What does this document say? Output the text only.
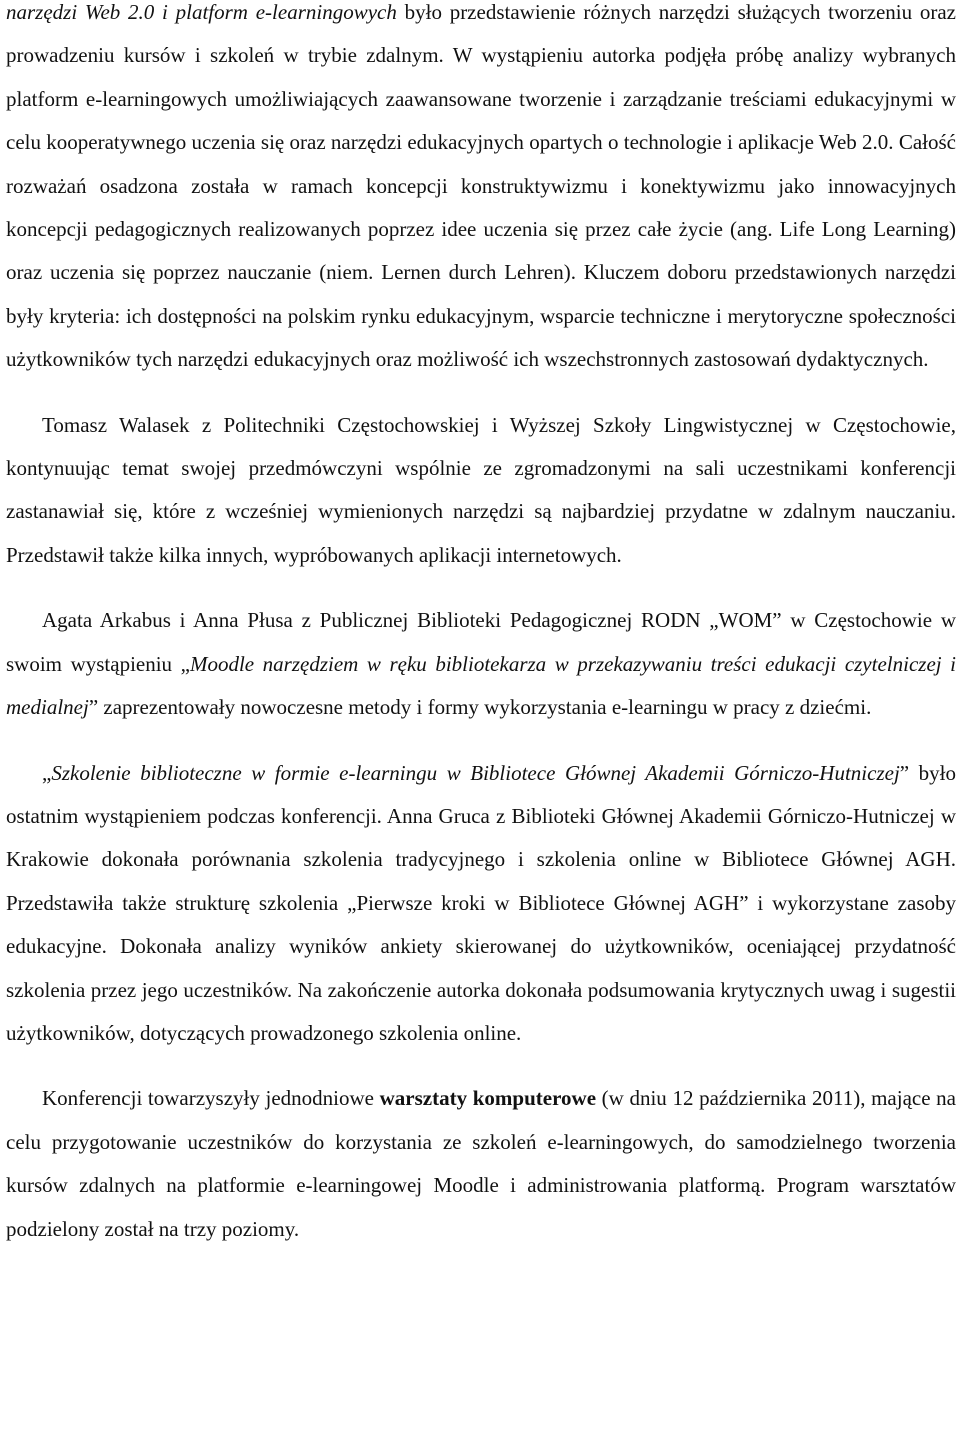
narzędzi Web 2.0 i platform e-learningowych było przedstawienie różnych narzędzi służących tworzeniu oraz prowadzeniu kursów i szkoleń w trybie zdalnym. W wystąpieniu autorka podjęła próbę analizy wybranych platform e-learningowych umożliwiających zaawansowane tworzenie i zarządzanie treściami edukacyjnymi w celu kooperatywnego uczenia się oraz narzędzi edukacyjnych opartych o technologie i aplikacje Web 2.0. Całość rozważań osadzona została w ramach koncepcji konstruktywizmu i konektywizmu jako innowacyjnych koncepcji pedagogicznych realizowanych poprzez idee uczenia się przez całe życie (ang. Life Long Learning) oraz uczenia się poprzez nauczanie (niem. Lernen durch Lehren). Kluczem doboru przedstawionych narzędzi były kryteria: ich dostępności na polskim rynku edukacyjnym, wsparcie techniczne i merytoryczne społeczności użytkowników tych narzędzi edukacyjnych oraz możliwość ich wszechstronnych zastosowań dydaktycznych.

Tomasz Walasek z Politechniki Częstochowskiej i Wyższej Szkoły Lingwistycznej w Częstochowie, kontynuując temat swojej przedmówczyni wspólnie ze zgromadzonymi na sali uczestnikami konferencji zastanawiał się, które z wcześniej wymienionych narzędzi są najbardziej przydatne w zdalnym nauczaniu. Przedstawił także kilka innych, wypróbowanych aplikacji internetowych.

Agata Arkabus i Anna Płusa z Publicznej Biblioteki Pedagogicznej RODN „WOM” w Częstochowie w swoim wystąpieniu „Moodle narzędziem w ręku bibliotekarza w przekazywaniu treści edukacji czytelniczej i medialnej” zaprezentowały nowoczesne metody i formy wykorzystania e-learningu w pracy z dziećmi.

„Szkolenie biblioteczne w formie e-learningu w Bibliotece Głównej Akademii Górniczo-Hutniczej” było ostatnim wystąpieniem podczas konferencji. Anna Gruca z Biblioteki Głównej Akademii Górniczo-Hutniczej w Krakowie dokonała porównania szkolenia tradycyjnego i szkolenia online w Bibliotece Głównej AGH. Przedstawiła także strukturę szkolenia „Pierwsze kroki w Bibliotece Głównej AGH” i wykorzystane zasoby edukacyjne. Dokonała analizy wyników ankiety skierowanej do użytkowników, oceniającej przydatność szkolenia przez jego uczestników. Na zakończenie autorka dokonała podsumowania krytycznych uwag i sugestii użytkowników, dotyczących prowadzonego szkolenia online.

Konferencji towarzyszyły jednodniowe warsztaty komputerowe (w dniu 12 października 2011), mające na celu przygotowanie uczestników do korzystania ze szkoleń e-learningowych, do samodzielnego tworzenia kursów zdalnych na platformie e-learningowej Moodle i administrowania platformą. Program warsztatów podzielony został na trzy poziomy.
